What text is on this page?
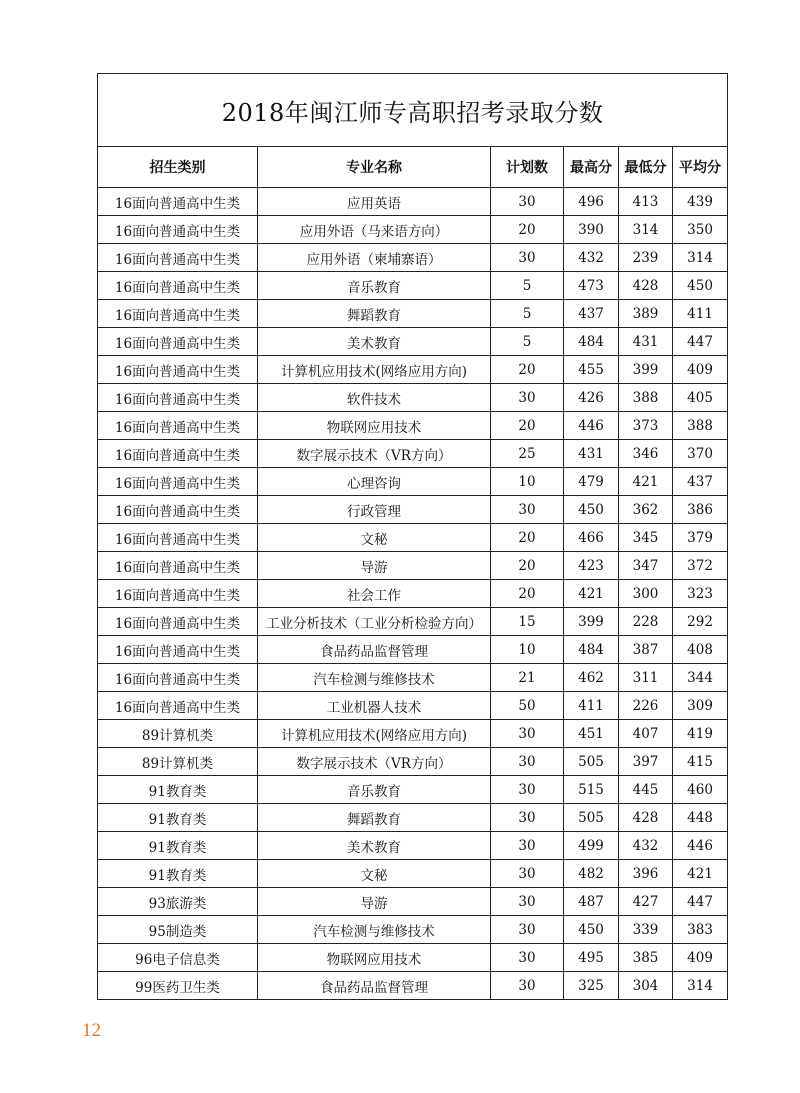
2018年闽江师专高职招考录取分数					
招生类别	专业名称	计划数	最高分	最低分	平均分
16面向普通高中生类	应用英语	30	496	413	439
16面向普通高中生类	应用外语（马来语方向）	20	390	314	350
16面向普通高中生类	应用外语（柬埔寨语）	30	432	239	314
16面向普通高中生类	音乐教育	5	473	428	450
16面向普通高中生类	舞蹈教育	5	437	389	411
16面向普通高中生类	美术教育	5	484	431	447
16面向普通高中生类	计算机应用技术(网络应用方向)	20	455	399	409
16面向普通高中生类	软件技术	30	426	388	405
16面向普通高中生类	物联网应用技术	20	446	373	388
16面向普通高中生类	数字展示技术（VR方向）	25	431	346	370
16面向普通高中生类	心理咨询	10	479	421	437
16面向普通高中生类	行政管理	30	450	362	386
16面向普通高中生类	文秘	20	466	345	379
16面向普通高中生类	导游	20	423	347	372
16面向普通高中生类	社会工作	20	421	300	323
16面向普通高中生类	工业分析技术（工业分析检验方向）	15	399	228	292
16面向普通高中生类	食品药品监督管理	10	484	387	408
16面向普通高中生类	汽车检测与维修技术	21	462	311	344
16面向普通高中生类	工业机器人技术	50	411	226	309
89计算机类	计算机应用技术(网络应用方向)	30	451	407	419
89计算机类	数字展示技术（VR方向）	30	505	397	415
91教育类	音乐教育	30	515	445	460
91教育类	舞蹈教育	30	505	428	448
91教育类	美术教育	30	499	432	446
91教育类	文秘	30	482	396	421
93旅游类	导游	30	487	427	447
95制造类	汽车检测与维修技术	30	450	339	383
96电子信息类	物联网应用技术	30	495	385	409
99医药卫生类	食品药品监督管理	30	325	304	314
12
